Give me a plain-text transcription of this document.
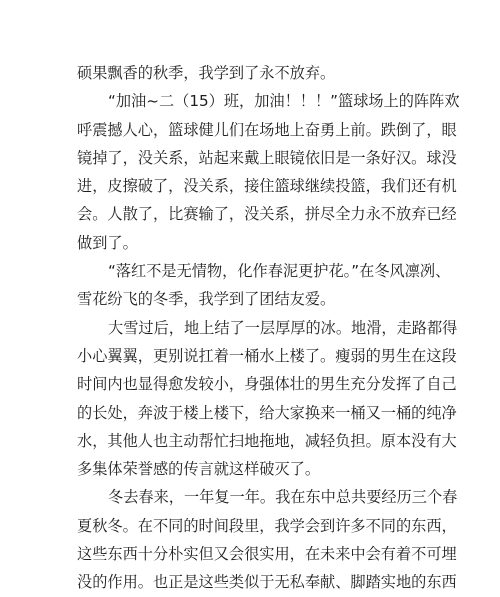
硕果飘香的秋季，我学到了永不放弃。
“加油~二（15）班，加油！！！”篮球场上的阵阵欢
呼震撼人心，篮球健儿们在场地上奋勇上前。跌倒了，眼
镜掉了，没关系，站起来戴上眼镜依旧是一条好汉。球没
进，皮擦破了，没关系，接住篮球继续投篮，我们还有机
会。人散了，比赛输了，没关系，拼尽全力永不放弃已经
做到了。
“落红不是无情物，化作春泥更护花。”在冬风凛冽、
雪花纷飞的冬季，我学到了团结友爱。
大雪过后，地上结了一层厚厚的冰。地滑，走路都得
小心翼翼，更别说扛着一桶水上楼了。瘦弱的男生在这段
时间内也显得愈发较小，身强体壮的男生充分发挥了自己
的长处，奔波于楼上楼下，给大家换来一桶又一桶的纯净
水，其他人也主动帮忙扫地拖地，减轻负担。原本没有大
多集体荣誉感的传言就这样破灭了。
冬去春来，一年复一年。我在东中总共要经历三个春
夏秋冬。在不同的时间段里，我学会到许多不同的东西，
这些东西十分朴实但又会很实用，在未来中会有着不可埋
没的作用。也正是这些类似于无私奉献、脚踏实地的东西
